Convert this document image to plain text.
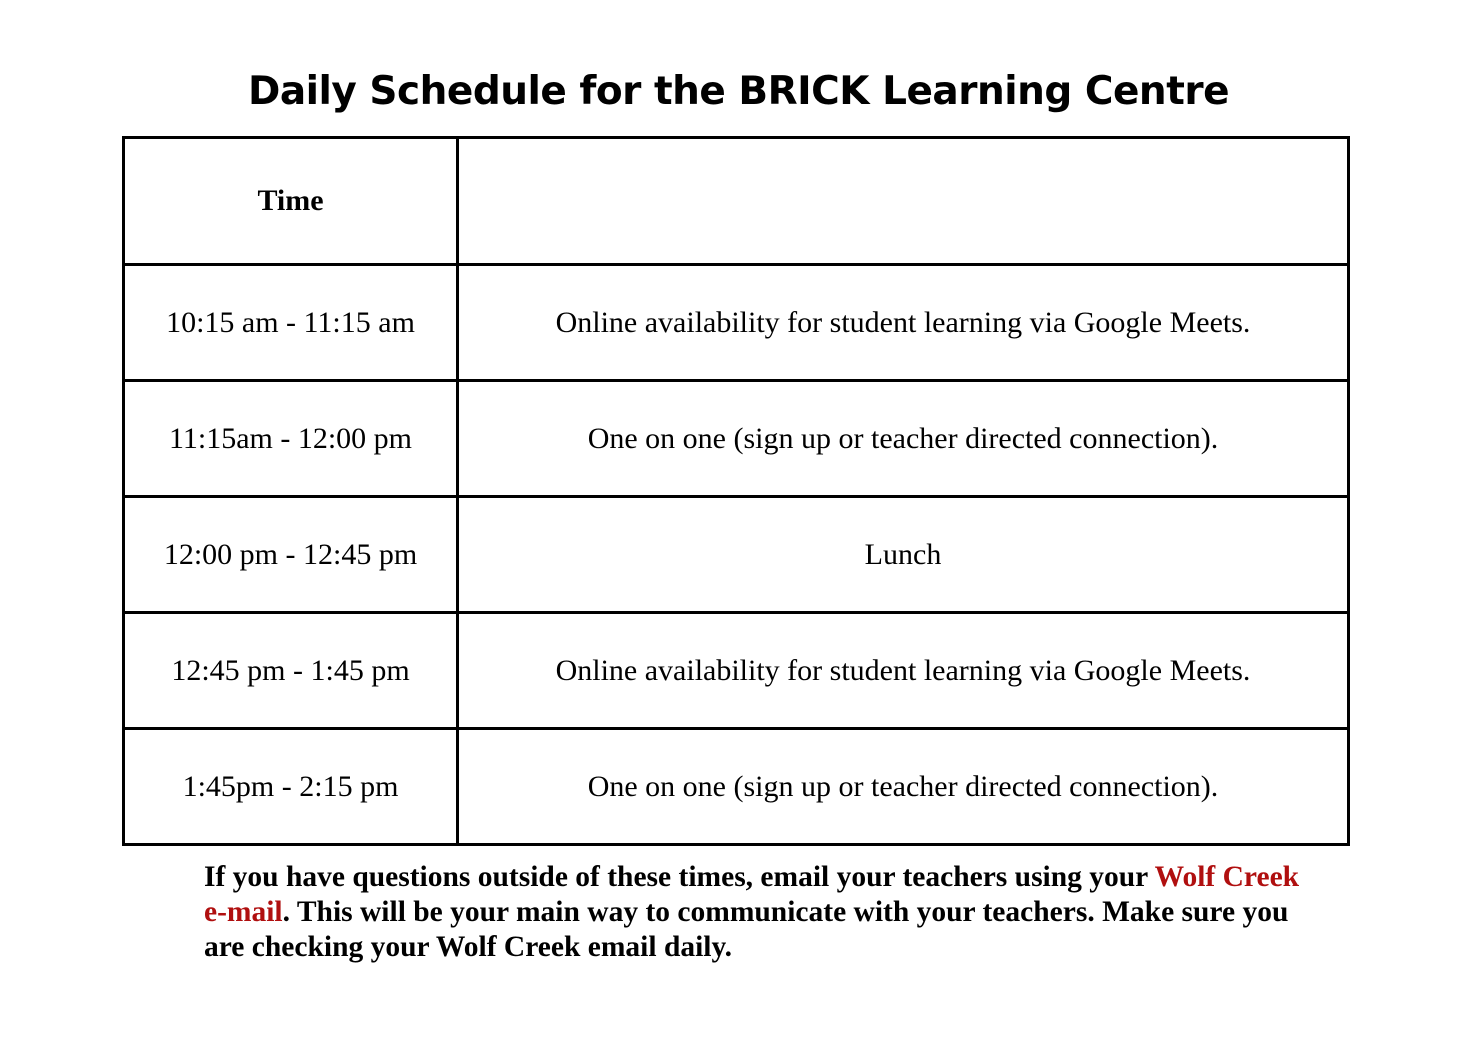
Daily Schedule for the BRICK Learning Centre
Time	
10:15 am - 11:15 am	Online availability for student learning via Google Meets.
11:15am - 12:00 pm	One on one (sign up or teacher directed connection).
12:00 pm - 12:45 pm	Lunch
12:45 pm - 1:45 pm	Online availability for student learning via Google Meets.
1:45pm - 2:15 pm	One on one (sign up or teacher directed connection).

If you have questions outside of these times, email your teachers using your Wolf Creek e-mail. This will be your main way to communicate with your teachers. Make sure you are checking your Wolf Creek email daily.
